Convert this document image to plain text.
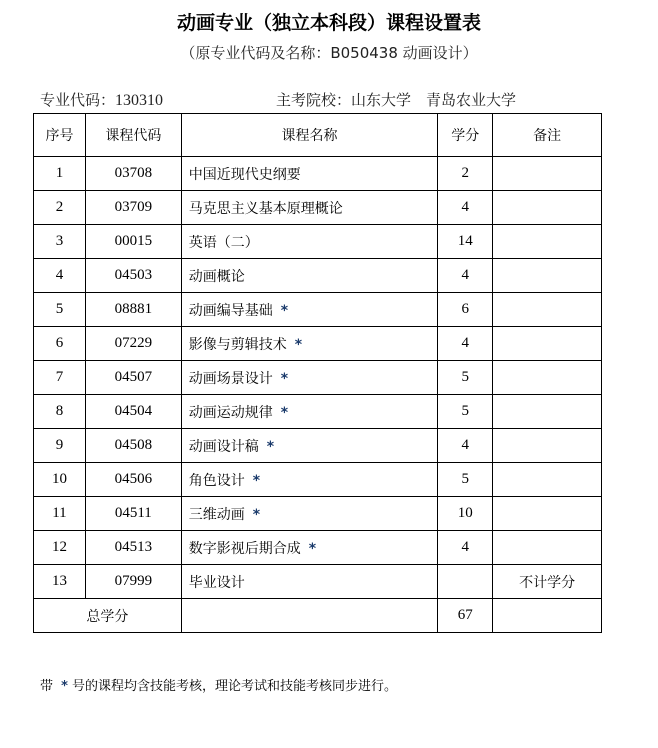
动画专业（独立本科段）课程设置表
（原专业代码及名称：B050438 动画设计）
专业代码：130310	主考院校：山东大学　青岛农业大学
序号	课程代码	课程名称	学分	备注
1	03708	中国近现代史纲要	2	
2	03709	马克思主义基本原理概论	4	
3	00015	英语（二）	14	
4	04503	动画概论	4	
5	08881	动画编导基础 *	6	
6	07229	影像与剪辑技术 *	4	
7	04507	动画场景设计 *	5	
8	04504	动画运动规律 *	5	
9	04508	动画设计稿 *	4	
10	04506	角色设计 *	5	
11	04511	三维动画 *	10	
12	04513	数字影视后期合成 *	4	
13	07999	毕业设计		不计学分
总学分			67	
带 * 号的课程均含技能考核，理论考试和技能考核同步进行。
